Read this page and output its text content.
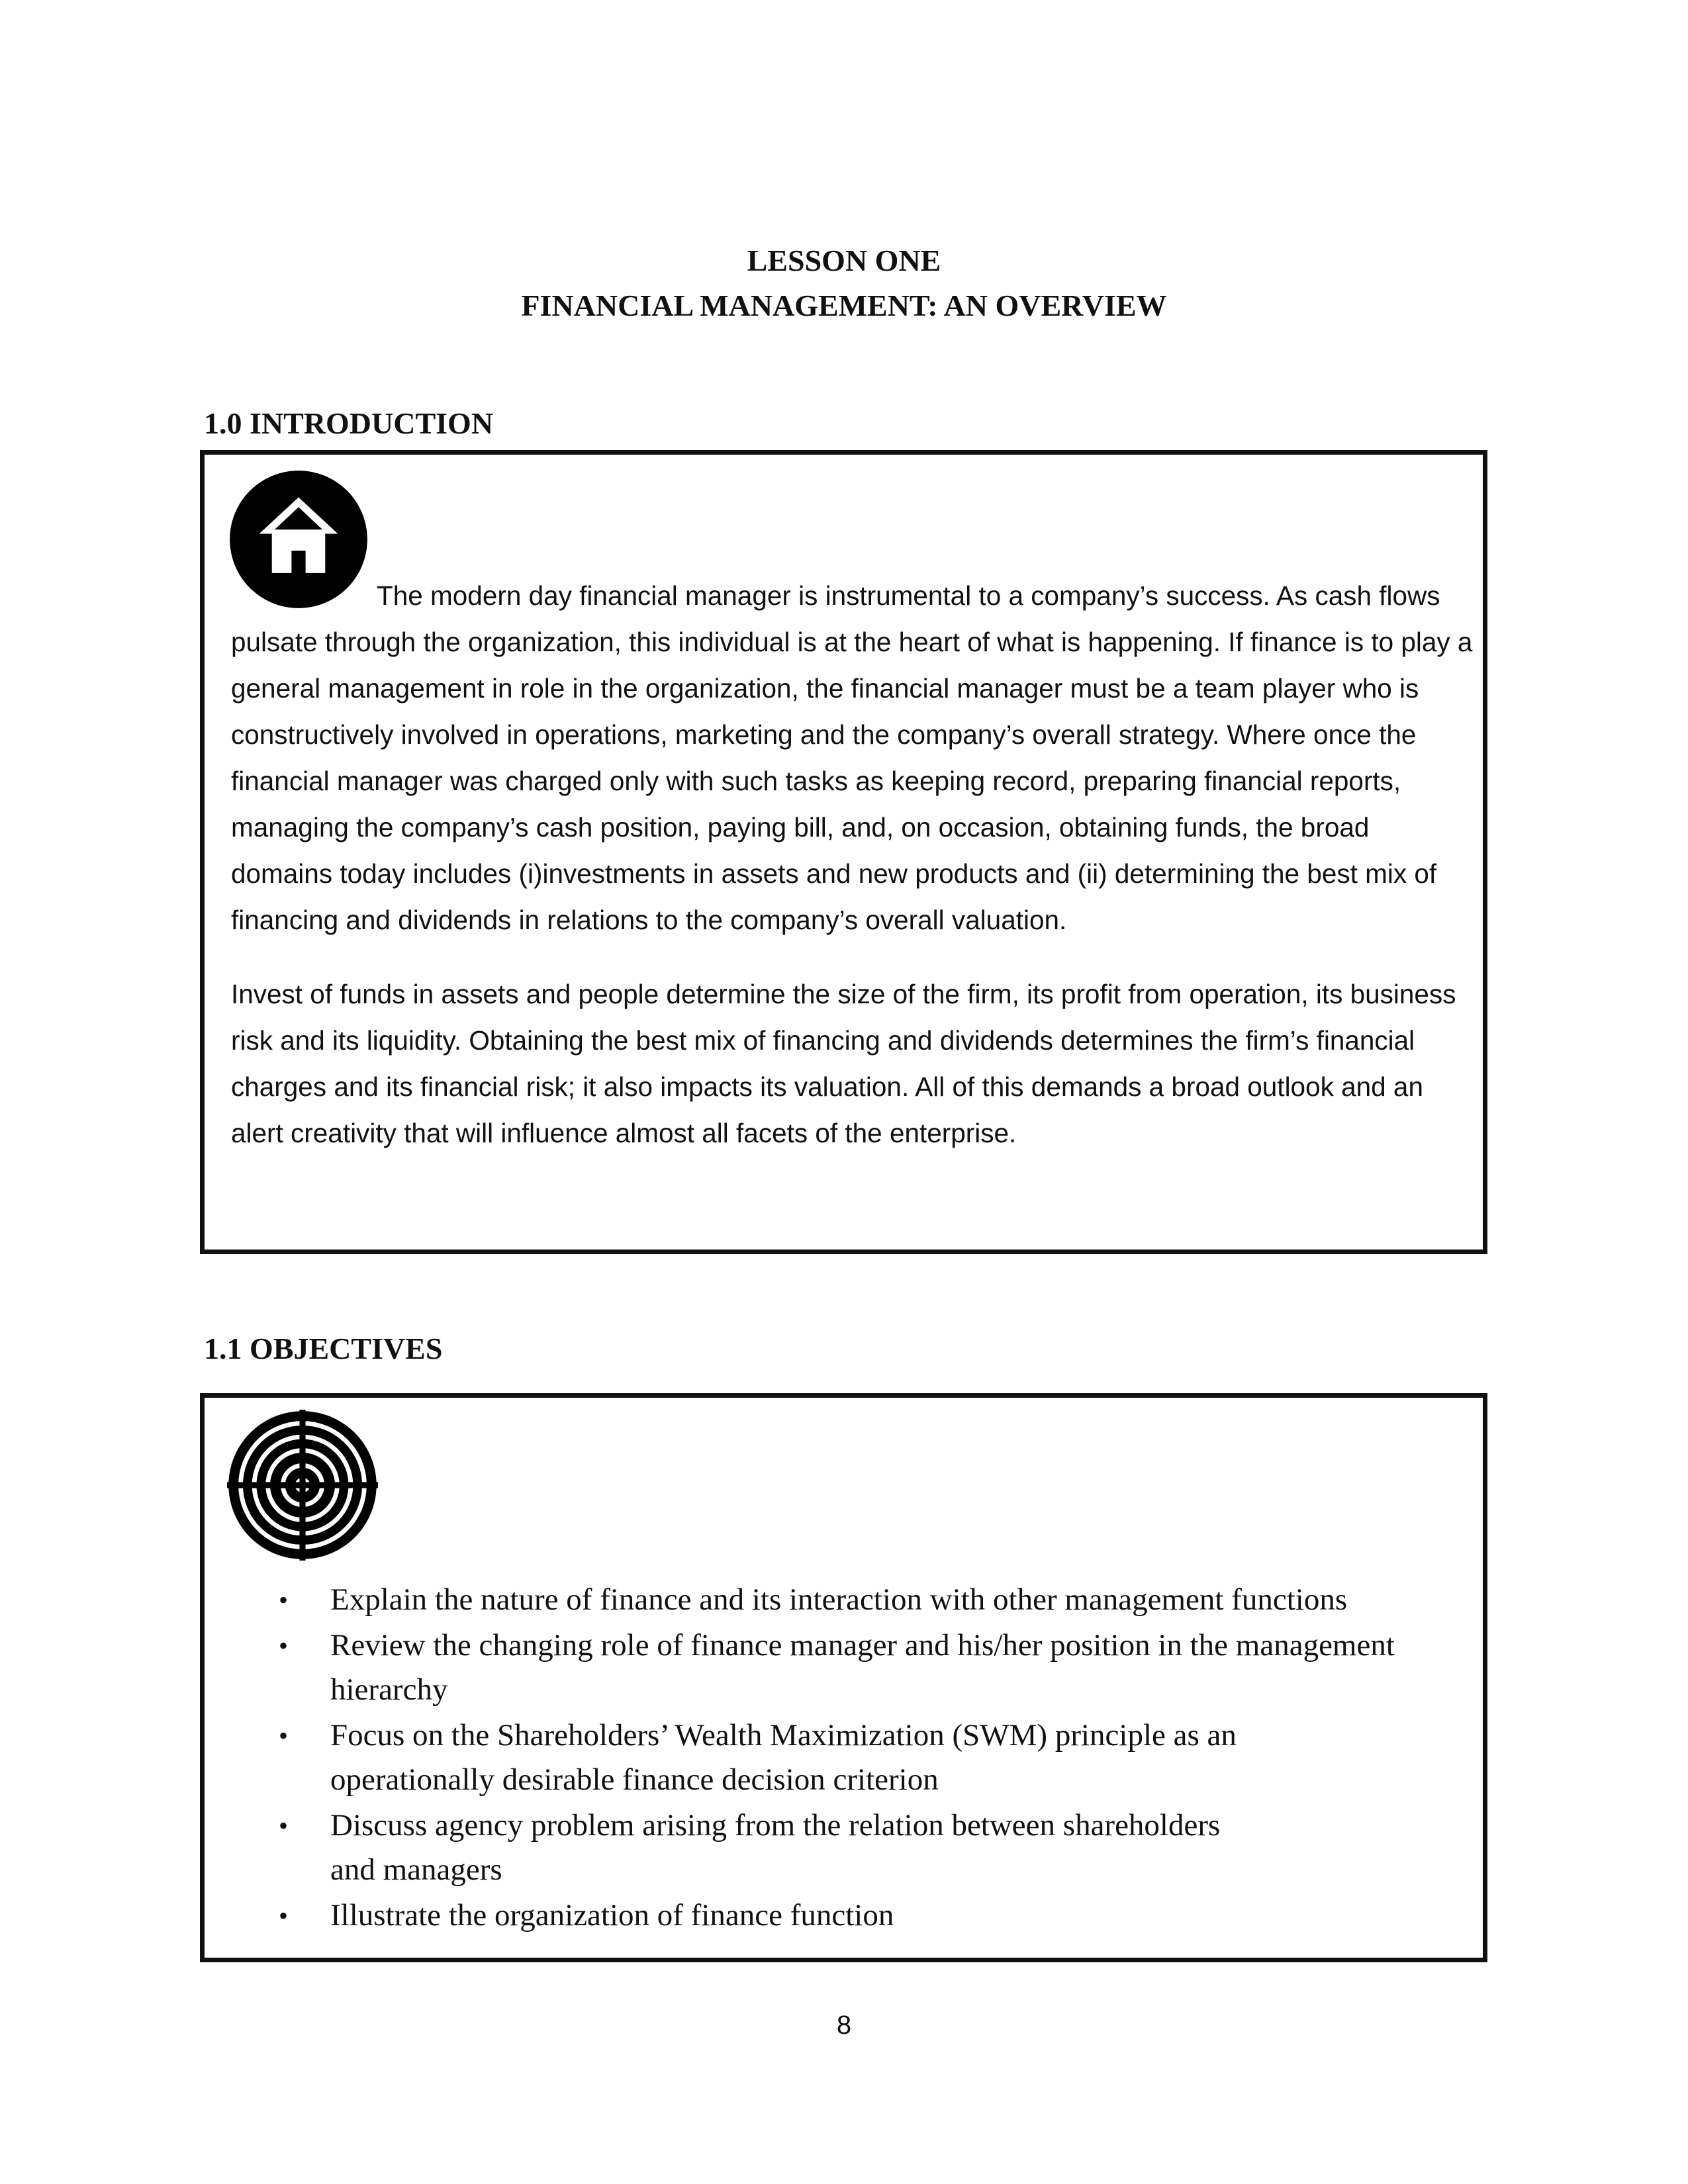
LESSON ONE
FINANCIAL MANAGEMENT: AN OVERVIEW
1.0 INTRODUCTION

The modern day financial manager is instrumental to a company’s success. As cash flows pulsate through the organization, this individual is at the heart of what is happening. If finance is to play a general management in role in the organization, the financial manager must be a team player who is constructively involved in operations, marketing and the company’s overall strategy. Where once the financial manager was charged only with such tasks as keeping record, preparing financial reports, managing the company’s cash position, paying bill, and, on occasion, obtaining funds, the broad domains today includes (i)investments in assets and new products and (ii) determining the best mix of financing and dividends in relations to the company’s overall valuation.

Invest of funds in assets and people determine the size of the firm, its profit from operation, its business risk and its liquidity. Obtaining the best mix of financing and dividends determines the firm’s financial charges and its financial risk; it also impacts its valuation. All of this demands a broad outlook and an alert creativity that will influence almost all facets of the enterprise.

1.1 OBJECTIVES
• Explain the nature of finance and its interaction with other management functions
• Review the changing role of finance manager and his/her position in the management hierarchy
• Focus on the Shareholders’ Wealth Maximization (SWM) principle as an operationally desirable finance decision criterion
• Discuss agency problem arising from the relation between shareholders and managers
• Illustrate the organization of finance function
8
